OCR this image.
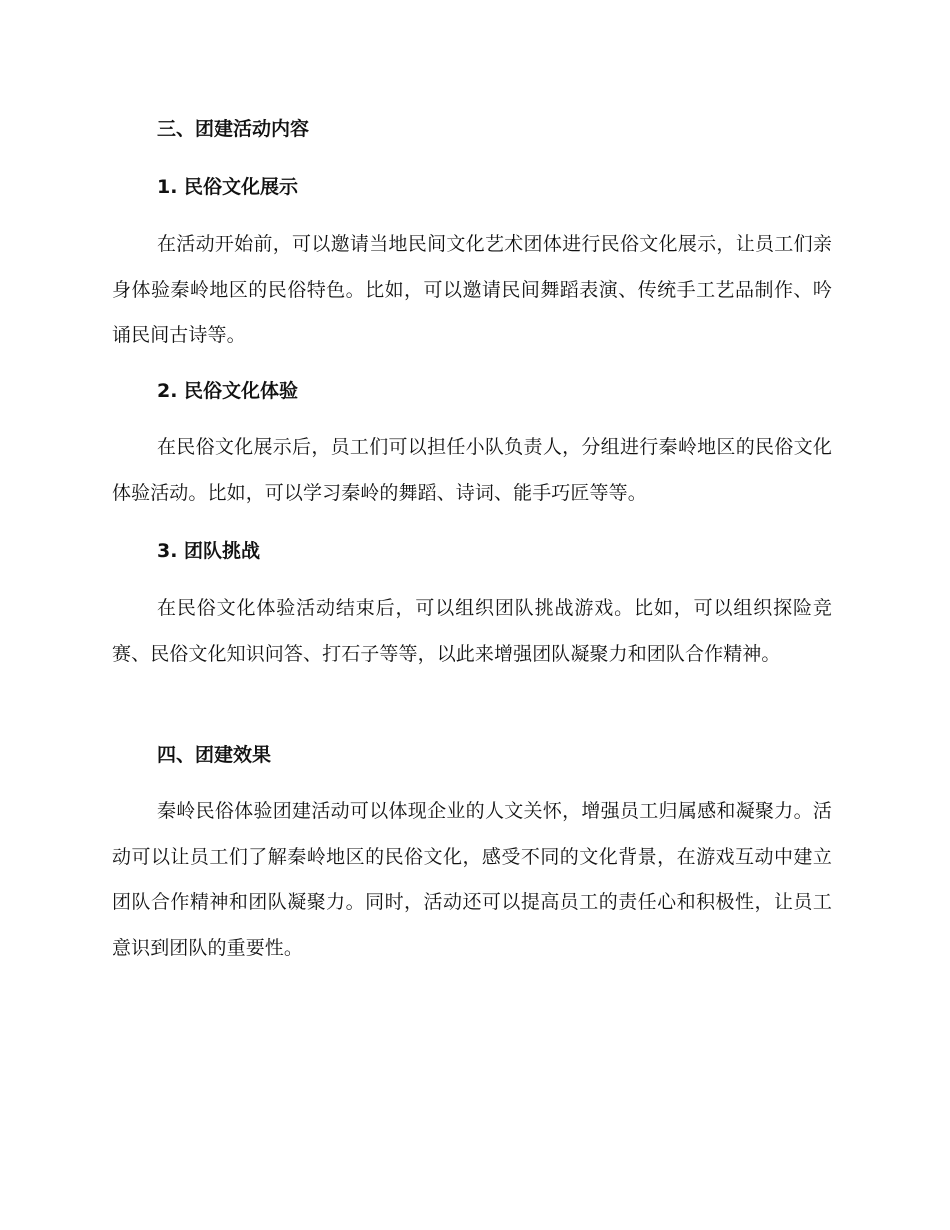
三、团建活动内容
1. 民俗文化展示

在活动开始前，可以邀请当地民间文化艺术团体进行民俗文化展示，让员工们亲身体验秦岭地区的民俗特色。比如，可以邀请民间舞蹈表演、传统手工艺品制作、吟诵民间古诗等。

2. 民俗文化体验

在民俗文化展示后，员工们可以担任小队负责人，分组进行秦岭地区的民俗文化体验活动。比如，可以学习秦岭的舞蹈、诗词、能手巧匠等等。

3. 团队挑战

在民俗文化体验活动结束后，可以组织团队挑战游戏。比如，可以组织探险竞赛、民俗文化知识问答、打石子等等，以此来增强团队凝聚力和团队合作精神。

四、团建效果

秦岭民俗体验团建活动可以体现企业的人文关怀，增强员工归属感和凝聚力。活动可以让员工们了解秦岭地区的民俗文化，感受不同的文化背景，在游戏互动中建立团队合作精神和团队凝聚力。同时，活动还可以提高员工的责任心和积极性，让员工意识到团队的重要性。
